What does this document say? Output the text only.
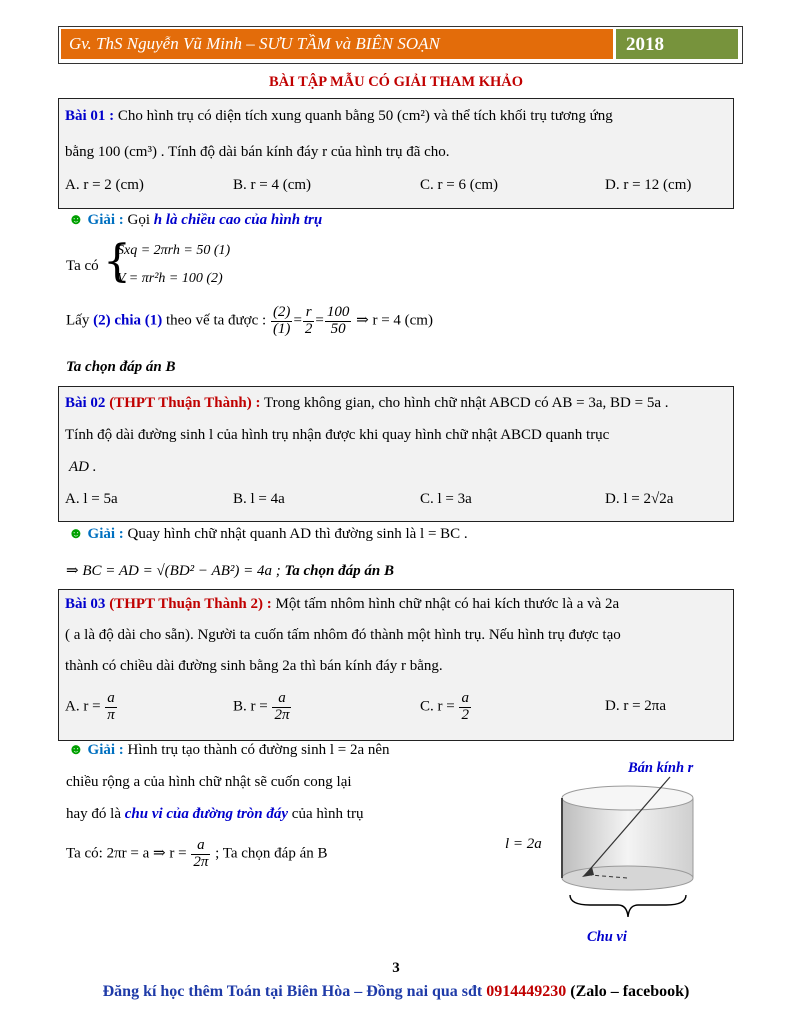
Gv. ThS Nguyễn Vũ Minh – SƯU TẦM và BIÊN SOẠN	2018
BÀI TẬP MẪU CÓ GIẢI THAM KHẢO
Bài 01 : Cho hình trụ có diện tích xung quanh bằng 50 (cm²) và thể tích khối trụ tương ứng
bằng 100 (cm³) . Tính độ dài bán kính đáy r của hình trụ đã cho.
A. r = 2 (cm)	B. r = 4 (cm)	C. r = 6 (cm)	D. r = 12 (cm)
☻ Giải : Gọi h là chiều cao của hình trụ
Ta có {
Sxq = 2πrh = 50 (1)
V = πr²h = 100 (2)
Lấy (2) chia (1) theo vế ta được : $\frac{(2)}{(1)} = \frac{r}{2} = \frac{100}{50}$ ⇒ r = 4 (cm)
Ta chọn đáp án B
Bài 02 (THPT Thuận Thành) : Trong không gian, cho hình chữ nhật ABCD có AB = 3a, BD = 5a .
Tính độ dài đường sinh l của hình trụ nhận được khi quay hình chữ nhật ABCD quanh trục
AD .
A. l = 5a	B. l = 4a	C. l = 3a	D. l = 2√2a
☻ Giải : Quay hình chữ nhật quanh AD thì đường sinh là l = BC .
⇒ BC = AD = √(BD² − AB²) = 4a ; Ta chọn đáp án B
Bài 03 (THPT Thuận Thành 2) : Một tấm nhôm hình chữ nhật có hai kích thước là a và 2a
( a là độ dài cho sẵn). Người ta cuốn tấm nhôm đó thành một hình trụ. Nếu hình trụ được tạo
thành có chiều dài đường sinh bằng 2a thì bán kính đáy r bằng.
A. $r = \frac{a}{\pi}$	B. $r = \frac{a}{2\pi}$	C. $r = \frac{a}{2}$	D. r = 2πa
☻ Giải : Hình trụ tạo thành có đường sinh l = 2a nên
chiều rộng a của hình chữ nhật sẽ cuốn cong lại
hay đó là chu vi của đường tròn đáy của hình trụ
Ta có: 2πr = a ⇒ $r = \frac{a}{2\pi}$ ; Ta chọn đáp án B
Bán kính r
l = 2a
Chu vi
3
Đăng kí học thêm Toán tại Biên Hòa – Đồng nai qua sđt 0914449230 (Zalo – facebook)
